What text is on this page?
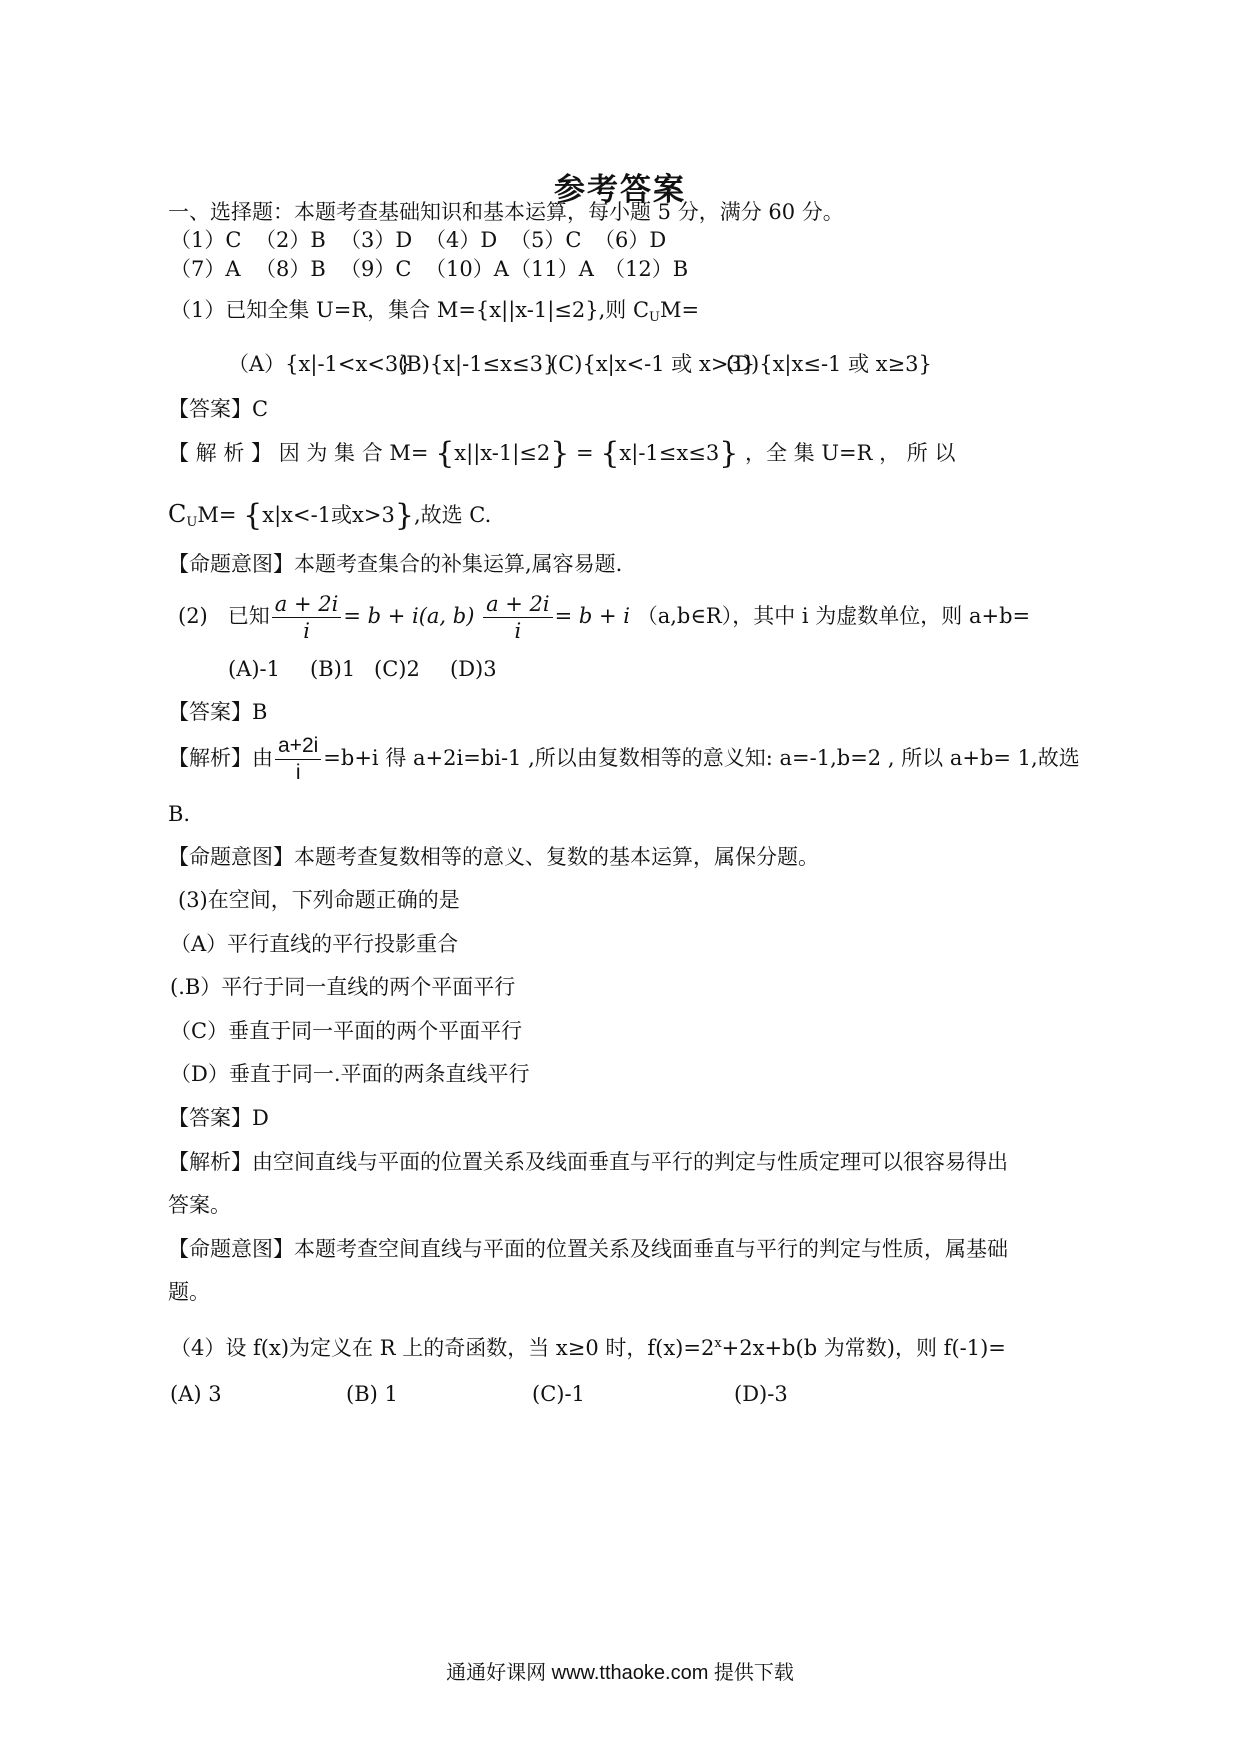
参考答案
一、选择题：本题考查基础知识和基本运算，每小题 5 分，满分 60 分。
（1）C （2）B （3）D （4）D （5）C （6）D
（7）A （8）B （9）C （10）A （11）A （12）B
（1）已知全集 U=R，集合 M={x||x-1|≤2},则 $C_UM=$
（A）{x|-1<x<3}
(B){x|-1≤x≤3}
(C){x|x<-1 或 x>3}
(D){x|x≤-1 或 x≥3}
【答案】C
【 解 析 】 因 为 集 合 M= {x||x-1|≤2} = {x|-1≤x≤3} ，全 集 U=R ， 所 以
$C_UM= \{x|x<-1$或x>3},故选 C.
【命题意图】本题考查集合的补集运算,属容易题.
(2) 已知 $\frac{a + 2i}{i} = b + i(a$, $b) \frac{a + 2i}{i} = b + i$ （a,b∈R），其中 i 为虚数单位，则 a+b=
(A)-1 (B)1 (C)2 (D)3
【答案】B
【解析】由 $\frac{a+2i}{i} =b+i$ 得 a+2i=bi-1 ,所以由复数相等的意义知: a=-1,b=2 , 所以 a+b= 1,故选
B.
【命题意图】本题考查复数相等的意义、复数的基本运算，属保分题。
(3)在空间，下列命题正确的是
（A）平行直线的平行投影重合
(.B）平行于同一直线的两个平面平行
（C）垂直于同一平面的两个平面平行
（D）垂直于同一.平面的两条直线平行
【答案】D
【解析】由空间直线与平面的位置关系及线面垂直与平行的判定与性质定理可以很容易得出
答案。
【命题意图】本题考查空间直线与平面的位置关系及线面垂直与平行的判定与性质，属基础
题。
（4）设 f(x)为定义在 R 上的奇函数，当 x≥0 时，$f(x)=2^x+2x+b(b$ 为常数)，则 f(-1)=
(A) 3	(B) 1	(C)-1	(D)-3
通通好课网 www.tthaoke.com 提供下载
